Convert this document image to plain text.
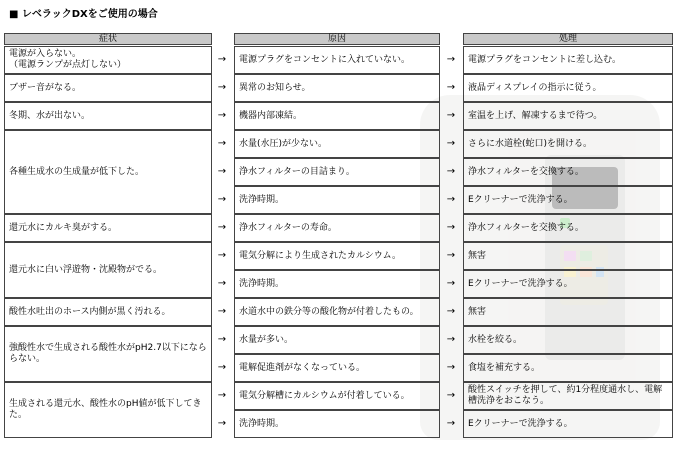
■ レベラックDXをご使用の場合
症状	原因	処理
電源が入らない。
（電源ランプが点灯しない）
ブザー音がなる。
冬期、水が出ない。
各種生成水の生成量が低下した。
還元水にカルキ臭がする。
還元水に白い浮遊物・沈殿物がでる。
酸性水吐出のホース内側が黒く汚れる。
強酸性水で生成される酸性水がpH2.7以下になららない。
生成される還元水、酸性水のpH値が低下してきた。
電源プラグをコンセントに入れていない。
異常のお知らせ。
機器内部凍結。
水量(水圧)が少ない。
浄水フィルターの目詰まり。
洗浄時期。
浄水フィルターの寿命。
電気分解により生成されたカルシウム。
洗浄時期。
水道水中の鉄分等の酸化物が付着したもの。
水量が多い。
電解促進剤がなくなっている。
電気分解槽にカルシウムが付着している。
洗浄時期。
電源プラグをコンセントに差し込む。
液晶ディスプレイの指示に従う。
室温を上げ、解凍するまで待つ。
さらに水道栓(蛇口)を開ける。
浄水フィルターを交換する。
Eクリーナーで洗浄する。
浄水フィルターを交換する。
無害
Eクリーナーで洗浄する。
無害
水栓を絞る。
食塩を補充する。
酸性スイッチを押して、約1分程度通水し、電解槽洗浄をおこなう。
Eクリーナーで洗浄する。
→
→
→
→
→
→
→
→
→
→
→
→
→
→
→
→
→
→
→
→
→
→
→
→
→
→
→
→
